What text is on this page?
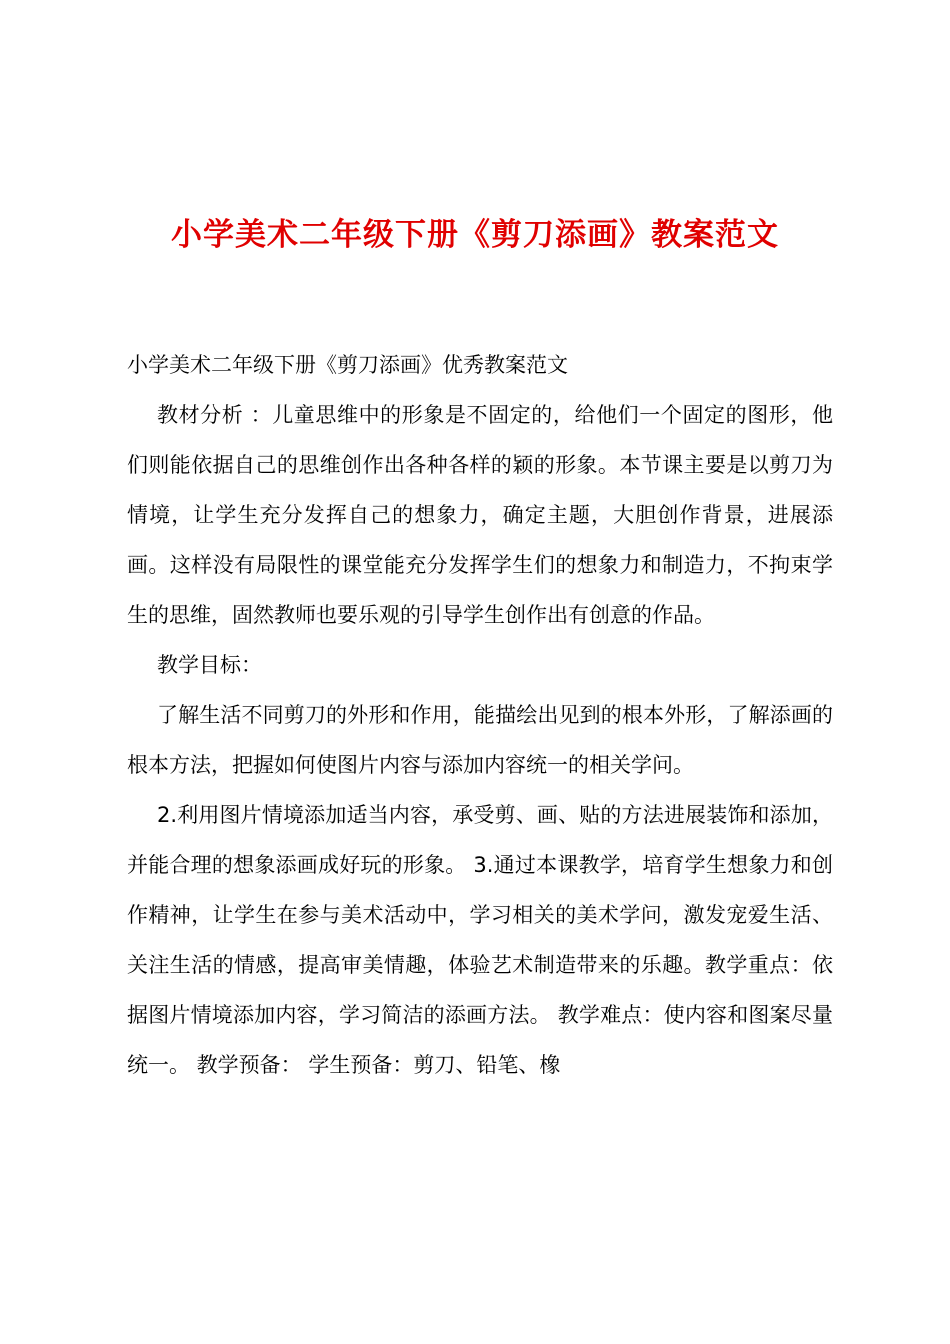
小学美术二年级下册《剪刀添画》教案范文

小学美术二年级下册《剪刀添画》优秀教案范文

教材分析 ：儿童思维中的形象是不固定的，给他们一个固定的图形，他们则能依据自己的思维创作出各种各样的颖的形象。本节课主要是以剪刀为情境，让学生充分发挥自己的想象力，确定主题，大胆创作背景，进展添画。这样没有局限性的课堂能充分发挥学生们的想象力和制造力，不拘束学生的思维，固然教师也要乐观的引导学生创作出有创意的作品。

教学目标：

了解生活不同剪刀的外形和作用，能描绘出见到的根本外形，了解添画的根本方法，把握如何使图片内容与添加内容统一的相关学问。

2.利用图片情境添加适当内容，承受剪、画、贴的方法进展装饰和添加，并能合理的想象添画成好玩的形象。 3.通过本课教学，培育学生想象力和创作精神，让学生在参与美术活动中，学习相关的美术学问，激发宠爱生活、关注生活的情感，提高审美情趣，体验艺术制造带来的乐趣。教学重点：依据图片情境添加内容，学习简洁的添画方法。 教学难点：使内容和图案尽量统一。 教学预备： 学生预备：剪刀、铅笔、橡
